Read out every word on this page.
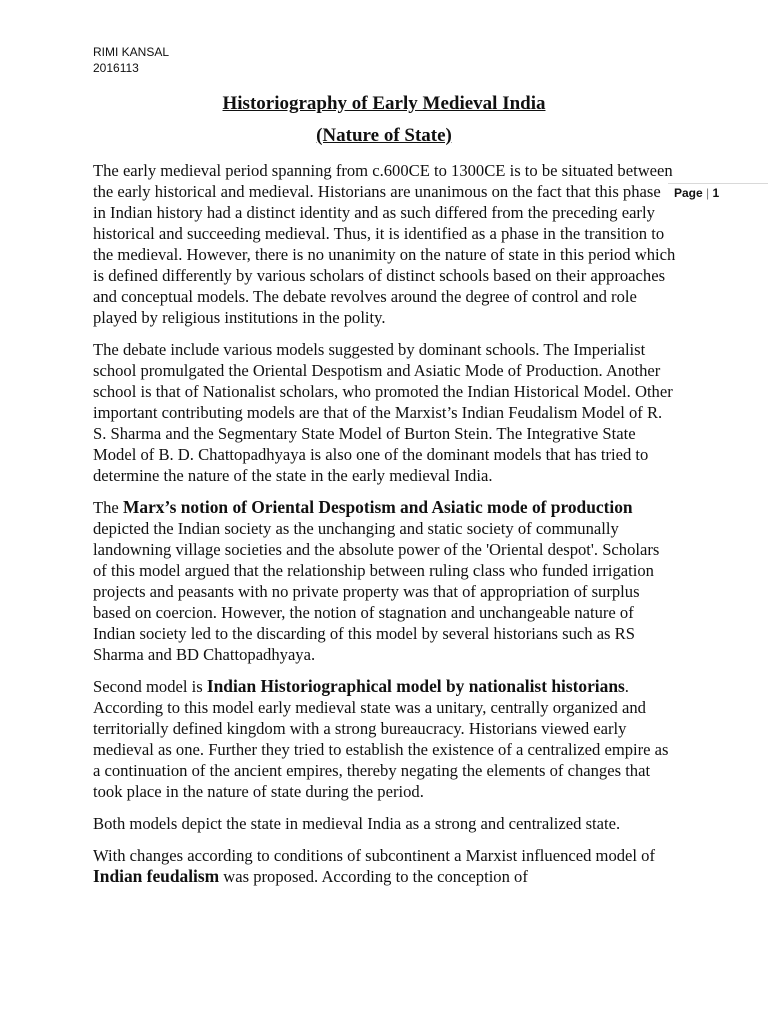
RIMI KANSAL
2016113
Historiography of Early Medieval India
(Nature of State)
Page | 1

The early medieval period spanning from c.600CE to 1300CE is to be situated between the early historical and medieval. Historians are unanimous on the fact that this phase in Indian history had a distinct identity and as such differed from the preceding early historical and succeeding medieval. Thus, it is identified as a phase in the transition to the medieval. However, there is no unanimity on the nature of state in this period which is defined differently by various scholars of distinct schools based on their approaches and conceptual models. The debate revolves around the degree of control and role played by religious institutions in the polity.

The debate include various models suggested by dominant schools. The Imperialist school promulgated the Oriental Despotism and Asiatic Mode of Production. Another school is that of Nationalist scholars, who promoted the Indian Historical Model. Other important contributing models are that of the Marxist’s Indian Feudalism Model of R. S. Sharma and the Segmentary State Model of Burton Stein. The Integrative State Model of B. D. Chattopadhyaya is also one of the dominant models that has tried to determine the nature of the state in the early medieval India.

The Marx’s notion of Oriental Despotism and Asiatic mode of production depicted the Indian society as the unchanging and static society of communally landowning village societies and the absolute power of the 'Oriental despot'. Scholars of this model argued that the relationship between ruling class who funded irrigation projects and peasants with no private property was that of appropriation of surplus based on coercion. However, the notion of stagnation and unchangeable nature of Indian society led to the discarding of this model by several historians such as RS Sharma and BD Chattopadhyaya.

Second model is Indian Historiographical model by nationalist historians. According to this model early medieval state was a unitary, centrally organized and territorially defined kingdom with a strong bureaucracy. Historians viewed early medieval as one. Further they tried to establish the existence of a centralized empire as a continuation of the ancient empires, thereby negating the elements of changes that took place in the nature of state during the period.

Both models depict the state in medieval India as a strong and centralized state.

With changes according to conditions of subcontinent a Marxist influenced model of Indian feudalism was proposed. According to the conception of
